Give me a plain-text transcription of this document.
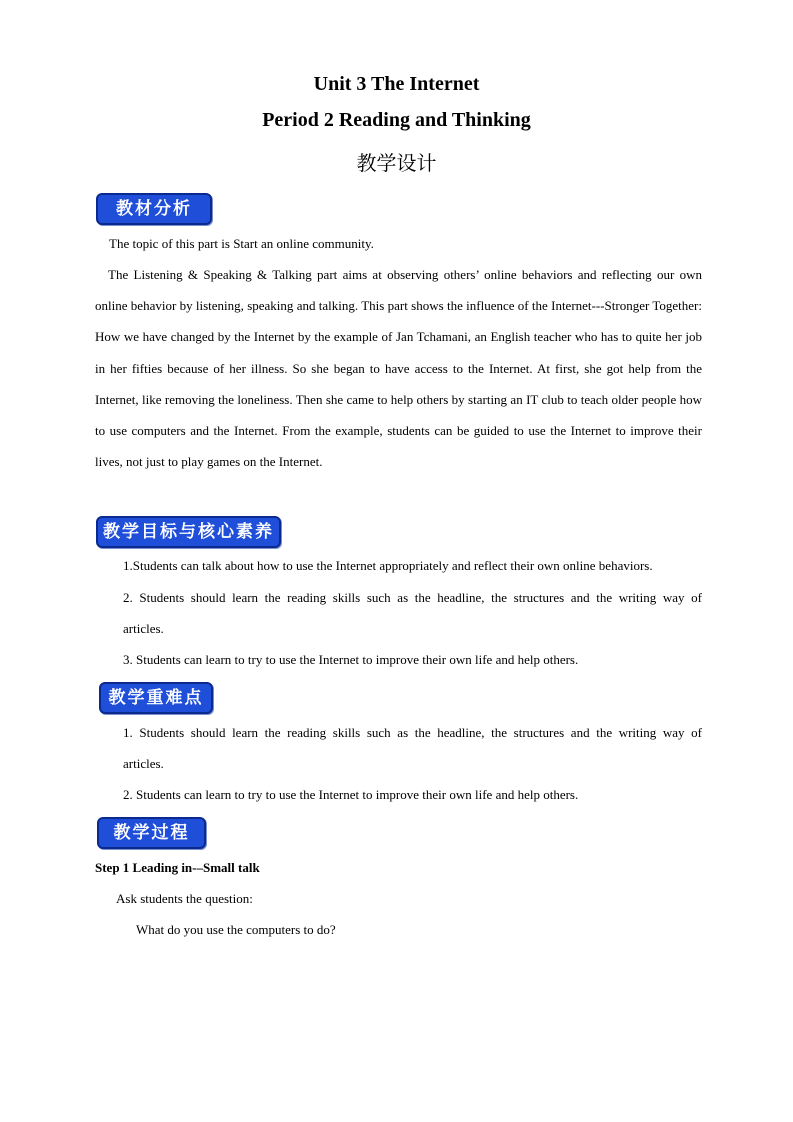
Unit 3 The Internet
Period 2 Reading and Thinking
教学设计
教材分析
The topic of this part is Start an online community.
The Listening & Speaking & Talking part aims at observing others’ online behaviors and reflecting our own online behavior by listening, speaking and talking. This part shows the influence of the Internet---Stronger Together: How we have changed by the Internet by the example of Jan Tchamani, an English teacher who has to quite her job in her fifties because of her illness. So she began to have access to the Internet. At first, she got help from the Internet, like removing the loneliness. Then she came to help others by starting an IT club to teach older people how to use computers and the Internet. From the example, students can be guided to use the Internet to improve their lives, not just to play games on the Internet.
教学目标与核心素养
1.Students can talk about how to use the Internet appropriately and reflect their own online behaviors.
2. Students should learn the reading skills such as the headline, the structures and the writing way of
articles.
3. Students can learn to try to use the Internet to improve their own life and help others.
教学重难点
1. Students should learn the reading skills such as the headline, the structures and the writing way of
articles.
2. Students can learn to try to use the Internet to improve their own life and help others.
教学过程
Step 1 Leading in-–Small talk
Ask students the question:
What do you use the computers to do?
